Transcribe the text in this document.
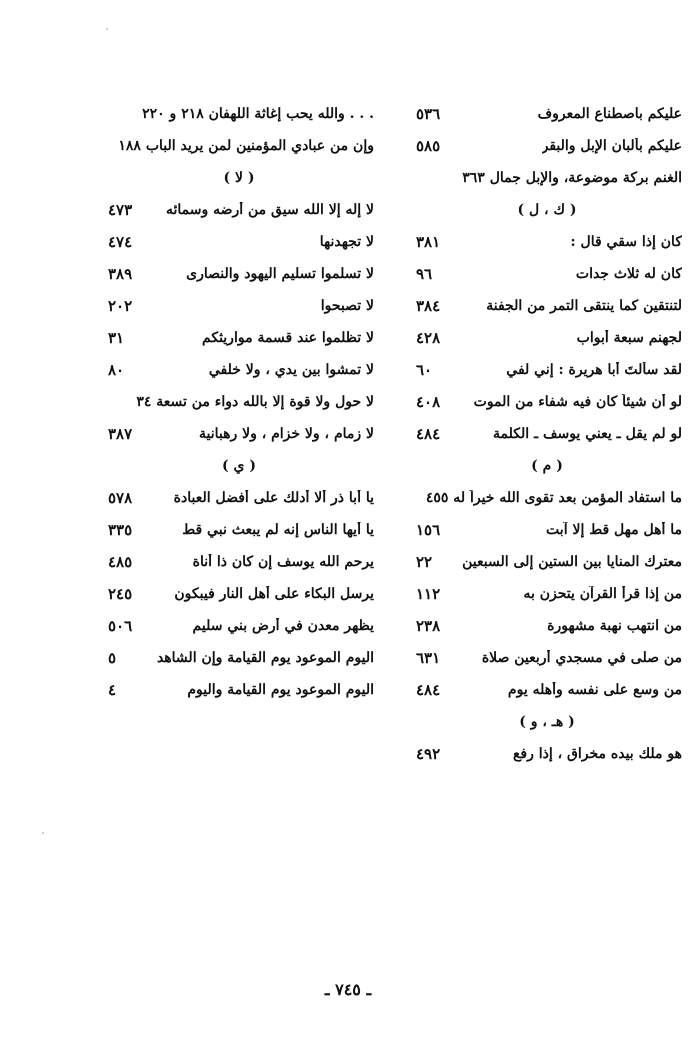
عليكم باصطناع المعروف
٥٣٦
عليكم بألبان الإبل والبقر
٥٨٥
الغنم بركة موضوعة، والإبل جمال ٣٦٣
( ك ، ل )
كان إذا سقي قال :
٣٨١
كان له ثلاث جدات
٩٦
لتنتقين كما ينتقى التمر من الجفنة
٣٨٤
لجهنم سبعة أبواب
٤٢٨
لقد سألتَ أبا هريرة : إني لفي
٦٠
لو أن شيئاً كان فيه شفاء من الموت
٤٠٨
لو لم يقل ـ يعني يوسف ـ الكلمة
٤٨٤
( م )
ما استفاد المؤمن بعد تقوى الله خيراً له ٤٥٥
ما أهل مهل قط إلا آبت
١٥٦
معترك المنايا بين الستين إلى السبعين
٢٢
من إذا قرأ القرآن يتحزن به
١١٢
من انتهب نهبة مشهورة
٢٣٨
من صلى في مسجدي أربعين صلاة
٦٣١
من وسع على نفسه وأهله يوم
٤٨٤
( هـ ، و )
هو ملك بيده مخراق ، إذا رفع
٤٩٢
. . . والله يحب إغاثة اللهفان ٢١٨ و ٢٢٠
وإن من عبادي المؤمنين لمن يريد الباب ١٨٨
( لا )
لا إله إلا الله سيق من أرضه وسمائه
٤٧٣
لا تجهدنها
٤٧٤
لا تسلموا تسليم اليهود والنصارى
٣٨٩
لا تصبحوا
٢٠٢
لا تظلموا عند قسمة مواريثكم
٣١
لا تمشوا بين يدي ، ولا خلفي
٨٠
لا حول ولا قوة إلا بالله دواء من تسعة ٣٤
لا زمام ، ولا خزام ، ولا رهبانية
٣٨٧
( ي )
يا أبا ذر ألا أدلك على أفضل العبادة
٥٧٨
يا أيها الناس إنه لم يبعث نبي قط
٣٣٥
يرحم الله يوسف إن كان ذا أناة
٤٨٥
يرسل البكاء على أهل النار فيبكون
٢٤٥
يظهر معدن في أرض بني سليم
٥٠٦
اليوم الموعود يوم القيامة وإن الشاهد
٥
اليوم الموعود يوم القيامة واليوم
٤
ـ ٧٤٥ ـ
